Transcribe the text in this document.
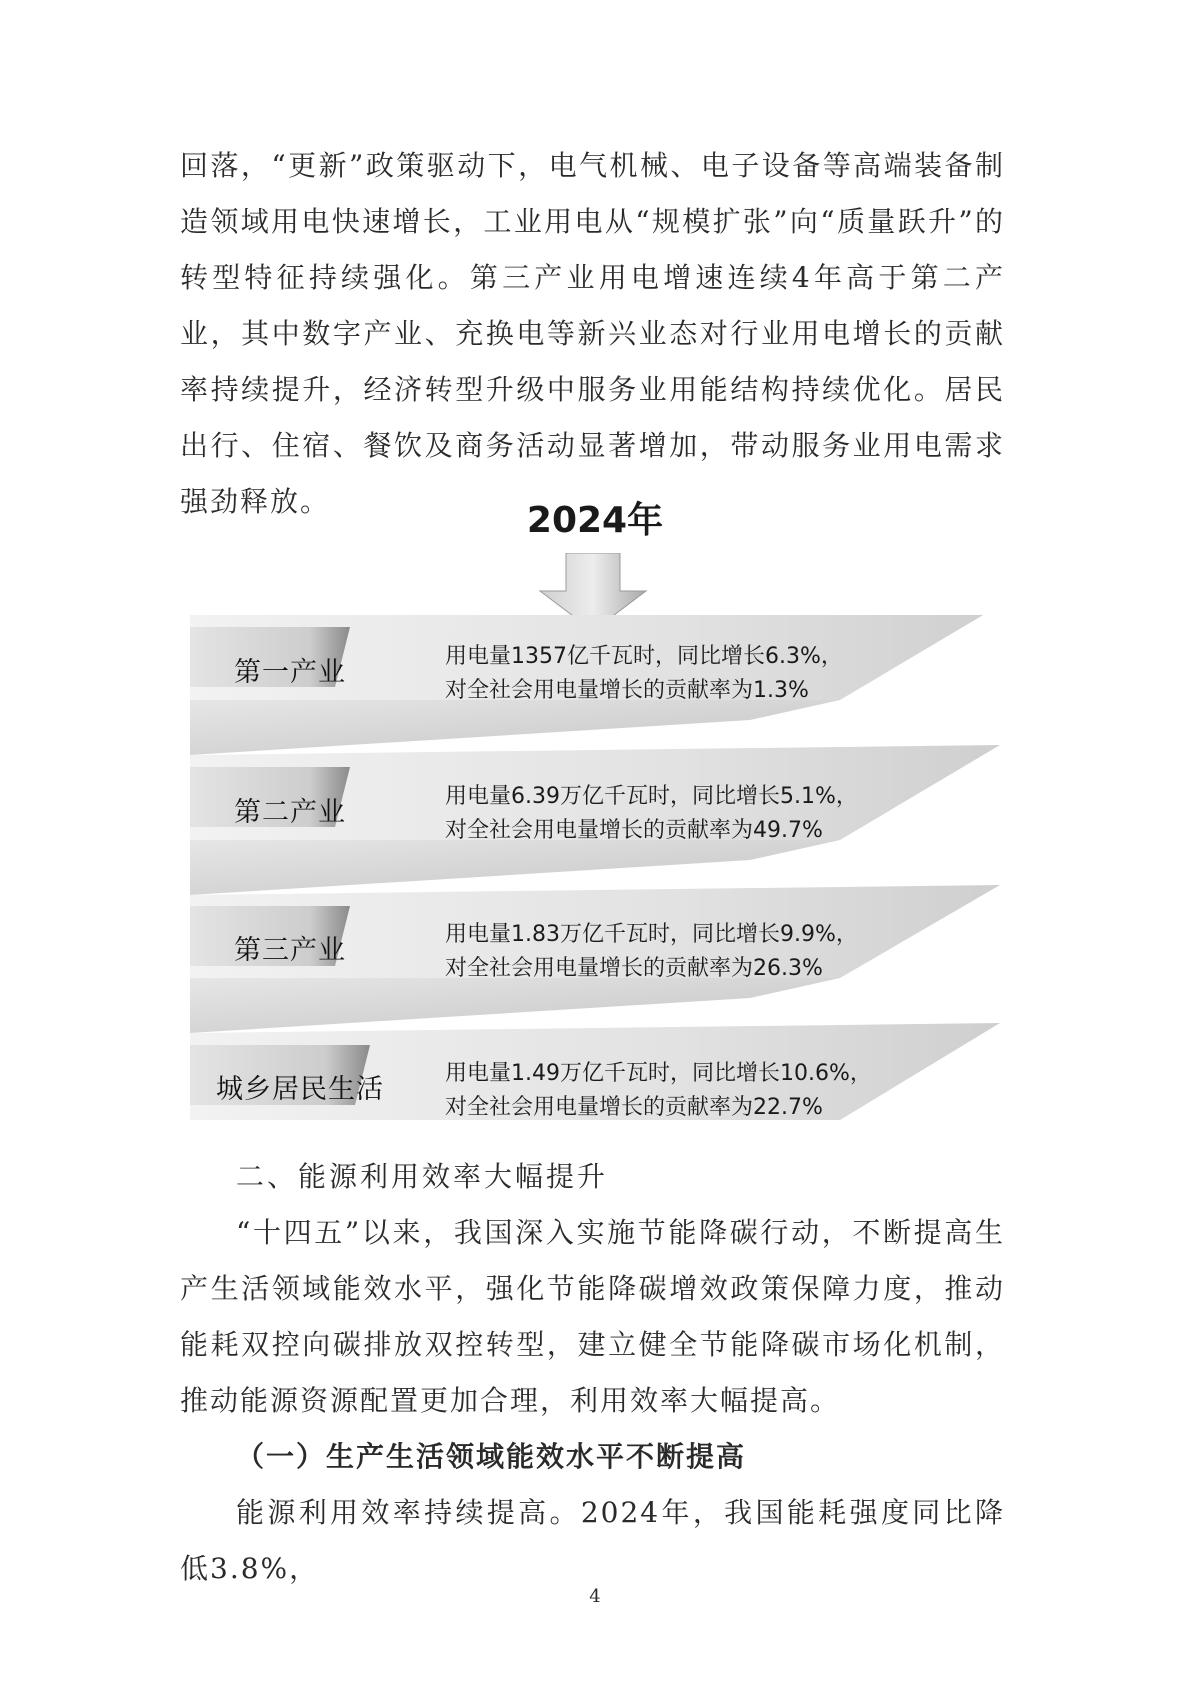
回落，“更新”政策驱动下，电气机械、电子设备等高端装备制造领域用电快速增长，工业用电从“规模扩张”向“质量跃升”的转型特征持续强化。第三产业用电增速连续4年高于第二产业，其中数字产业、充换电等新兴业态对行业用电增长的贡献率持续提升，经济转型升级中服务业用能结构持续优化。居民出行、住宿、餐饮及商务活动显著增加，带动服务业用电需求强劲释放。	2024年
第一产业
用电量1357亿千瓦时，同比增长6.3%，
对全社会用电量增长的贡献率为1.3%
第二产业
用电量6.39万亿千瓦时，同比增长5.1%，
对全社会用电量增长的贡献率为49.7%
第三产业
用电量1.83万亿千瓦时，同比增长9.9%，
对全社会用电量增长的贡献率为26.3%
城乡居民生活
用电量1.49万亿千瓦时，同比增长10.6%，
对全社会用电量增长的贡献率为22.7%
二、能源利用效率大幅提升

“十四五”以来，我国深入实施节能降碳行动，不断提高生产生活领域能效水平，强化节能降碳增效政策保障力度，推动能耗双控向碳排放双控转型，建立健全节能降碳市场化机制，推动能源资源配置更加合理，利用效率大幅提高。

（一）生产生活领域能效水平不断提高

能源利用效率持续提高。2024年，我国能耗强度同比降低3.8%，

4
